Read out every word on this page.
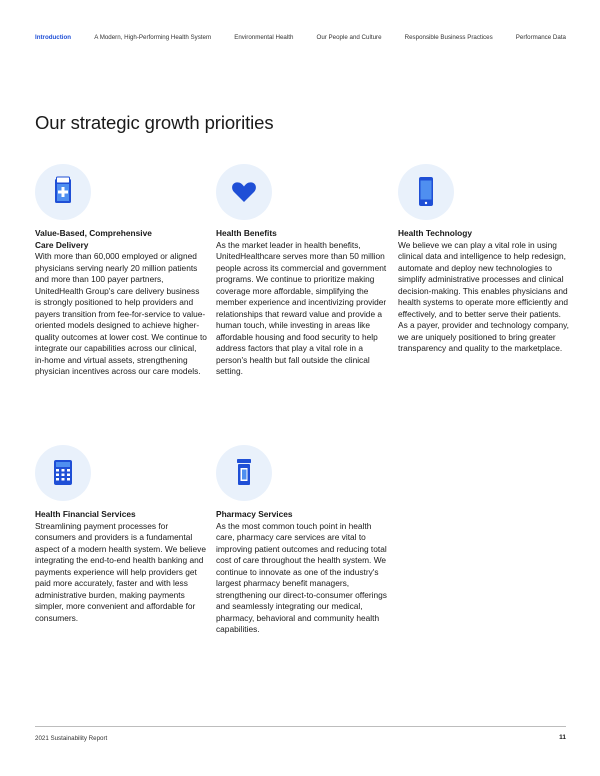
Introduction	A Modern, High-Performing Health System	Environmental Health	Our People and Culture	Responsible Business Practices	Performance Data
Our strategic growth priorities
Value-Based, Comprehensive Care Delivery

With more than 60,000 employed or aligned physicians serving nearly 20 million patients and more than 100 payer partners, UnitedHealth Group's care delivery business is strongly positioned to help providers and payers transition from fee-for-service to value-oriented models designed to achieve higher-quality outcomes at lower cost. We continue to integrate our capabilities across our clinical, in-home and virtual assets, strengthening physician incentives across our care models.

Health Benefits

As the market leader in health benefits, UnitedHealthcare serves more than 50 million people across its commercial and government programs. We continue to prioritize making coverage more affordable, simplifying the member experience and incentivizing provider relationships that reward value and provide a human touch, while investing in areas like affordable housing and food security to help address factors that play a vital role in a person's health but fall outside the clinical setting.

Health Technology

We believe we can play a vital role in using clinical data and intelligence to help redesign, automate and deploy new technologies to simplify administrative processes and clinical decision-making. This enables physicians and health systems to operate more efficiently and effectively, and to better serve their patients. As a payer, provider and technology company, we are uniquely positioned to bring greater transparency and quality to the marketplace.

Health Financial Services

Streamlining payment processes for consumers and providers is a fundamental aspect of a modern health system. We believe integrating the end-to-end health banking and payments experience will help providers get paid more accurately, faster and with less administrative burden, making payments simpler, more convenient and affordable for consumers.

Pharmacy Services

As the most common touch point in health care, pharmacy care services are vital to improving patient outcomes and reducing total cost of care throughout the health system. We continue to innovate as one of the industry's largest pharmacy benefit managers, strengthening our direct-to-consumer offerings and seamlessly integrating our medical, pharmacy, behavioral and community health capabilities.

2021 Sustainability Report	11
